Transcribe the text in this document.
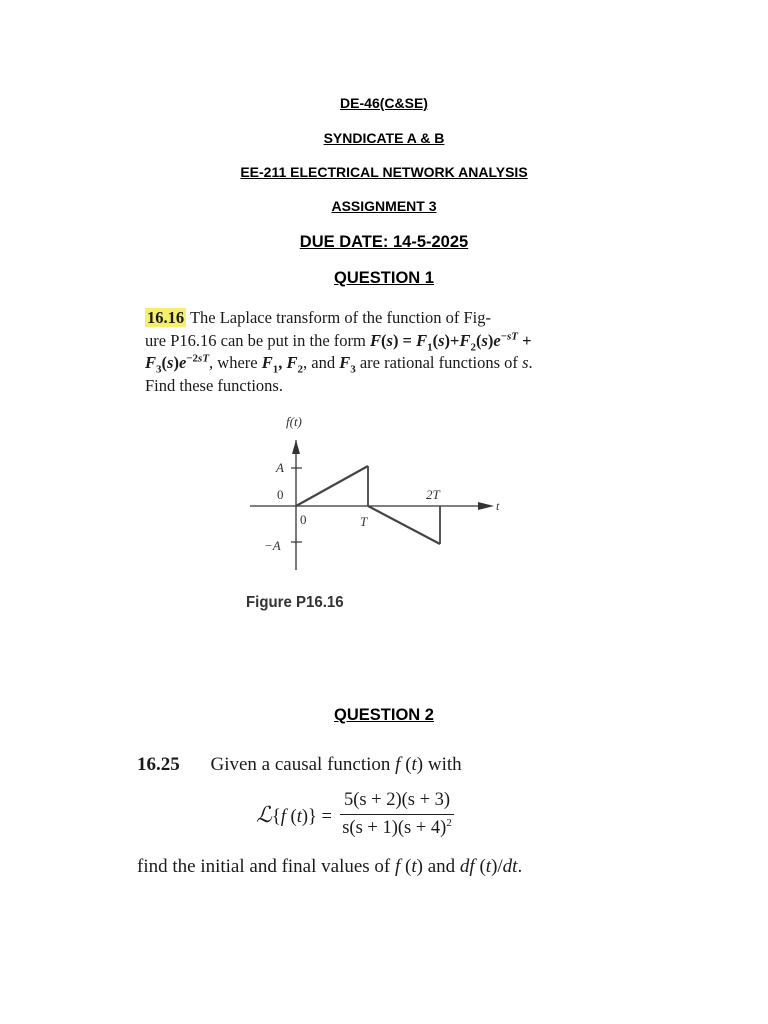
DE-46(C&SE)
SYNDICATE A & B
EE-211 ELECTRICAL NETWORK ANALYSIS
ASSIGNMENT 3
DUE DATE: 14-5-2025
QUESTION 1
16.16 The Laplace transform of the function of Fig-
ure P16.16 can be put in the form $F(s) = F_1(s)+F_2(s)e^{-sT}$ +
$F_3(s)e^{-2sT}$, where $F_1$, $F_2$, and $F_3$ are rational functions of s.
Find these functions.
f(t)
A
0
0	T
2T
−A
t
Figure P16.16
QUESTION 2
16.25 Given a causal function f (t) with
ℒ{f $(t)\} = \frac{5(s + 2)(s + 3)}{s(s + 1)(s + 4)^2}$
find the initial and final values of f (t) and df (t)/dt.
